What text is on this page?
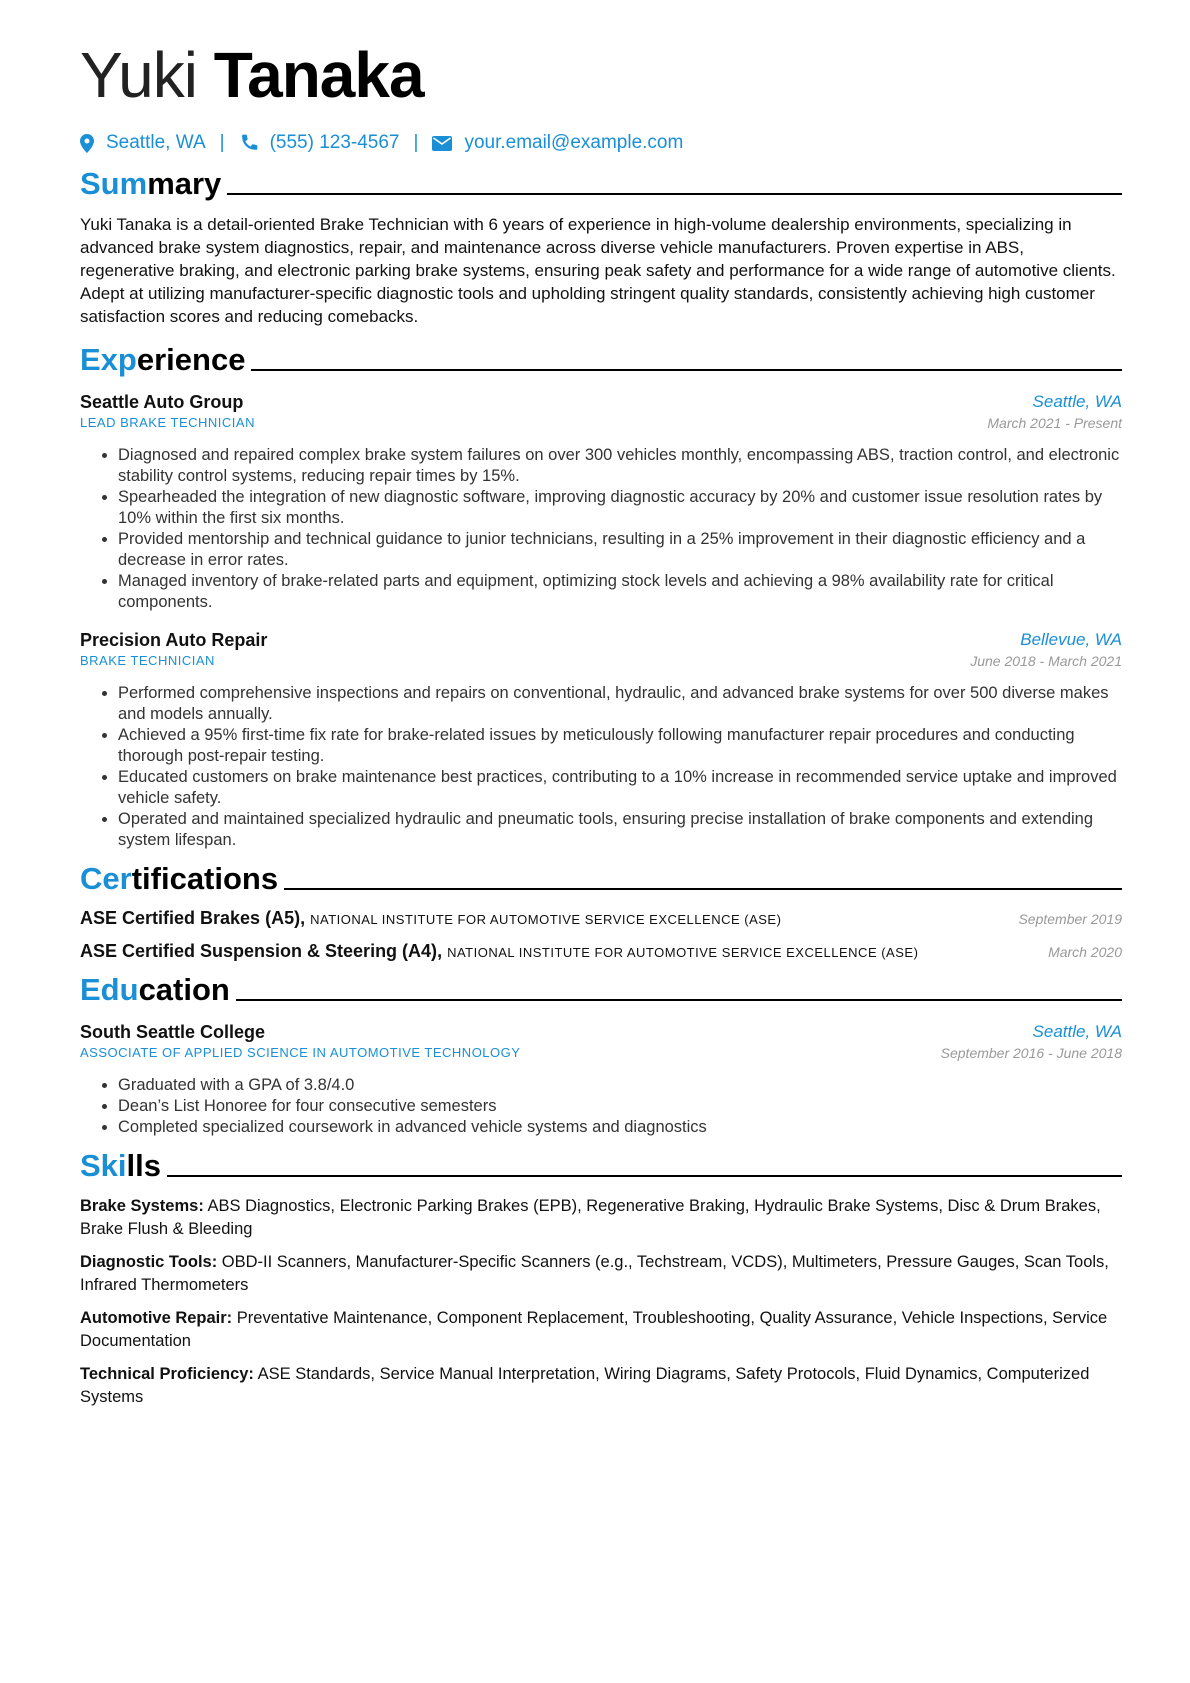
Yuki Tanaka
Seattle, WA | (555) 123-4567 | your.email@example.com
Summary
Yuki Tanaka is a detail-oriented Brake Technician with 6 years of experience in high-volume dealership environments, specializing in advanced brake system diagnostics, repair, and maintenance across diverse vehicle manufacturers. Proven expertise in ABS, regenerative braking, and electronic parking brake systems, ensuring peak safety and performance for a wide range of automotive clients. Adept at utilizing manufacturer-specific diagnostic tools and upholding stringent quality standards, consistently achieving high customer satisfaction scores and reducing comebacks.
Experience
Seattle Auto Group	Seattle, WA
LEAD BRAKE TECHNICIAN	March 2021 - Present
• Diagnosed and repaired complex brake system failures on over 300 vehicles monthly, encompassing ABS, traction control, and electronic stability control systems, reducing repair times by 15%.
• Spearheaded the integration of new diagnostic software, improving diagnostic accuracy by 20% and customer issue resolution rates by 10% within the first six months.
• Provided mentorship and technical guidance to junior technicians, resulting in a 25% improvement in their diagnostic efficiency and a decrease in error rates.
• Managed inventory of brake-related parts and equipment, optimizing stock levels and achieving a 98% availability rate for critical components.
Precision Auto Repair	Bellevue, WA
BRAKE TECHNICIAN	June 2018 - March 2021
• Performed comprehensive inspections and repairs on conventional, hydraulic, and advanced brake systems for over 500 diverse makes and models annually.
• Achieved a 95% first-time fix rate for brake-related issues by meticulously following manufacturer repair procedures and conducting thorough post-repair testing.
• Educated customers on brake maintenance best practices, contributing to a 10% increase in recommended service uptake and improved vehicle safety.
• Operated and maintained specialized hydraulic and pneumatic tools, ensuring precise installation of brake components and extending system lifespan.
Certifications
ASE Certified Brakes (A5), NATIONAL INSTITUTE FOR AUTOMOTIVE SERVICE EXCELLENCE (ASE)	September 2019
ASE Certified Suspension & Steering (A4), NATIONAL INSTITUTE FOR AUTOMOTIVE SERVICE EXCELLENCE (ASE)	March 2020
Education
South Seattle College	Seattle, WA
ASSOCIATE OF APPLIED SCIENCE IN AUTOMOTIVE TECHNOLOGY	September 2016 - June 2018
• Graduated with a GPA of 3.8/4.0
• Dean’s List Honoree for four consecutive semesters
• Completed specialized coursework in advanced vehicle systems and diagnostics
Skills
Brake Systems: ABS Diagnostics, Electronic Parking Brakes (EPB), Regenerative Braking, Hydraulic Brake Systems, Disc & Drum Brakes, Brake Flush & Bleeding
Diagnostic Tools: OBD-II Scanners, Manufacturer-Specific Scanners (e.g., Techstream, VCDS), Multimeters, Pressure Gauges, Scan Tools, Infrared Thermometers
Automotive Repair: Preventative Maintenance, Component Replacement, Troubleshooting, Quality Assurance, Vehicle Inspections, Service Documentation
Technical Proficiency: ASE Standards, Service Manual Interpretation, Wiring Diagrams, Safety Protocols, Fluid Dynamics, Computerized Systems
